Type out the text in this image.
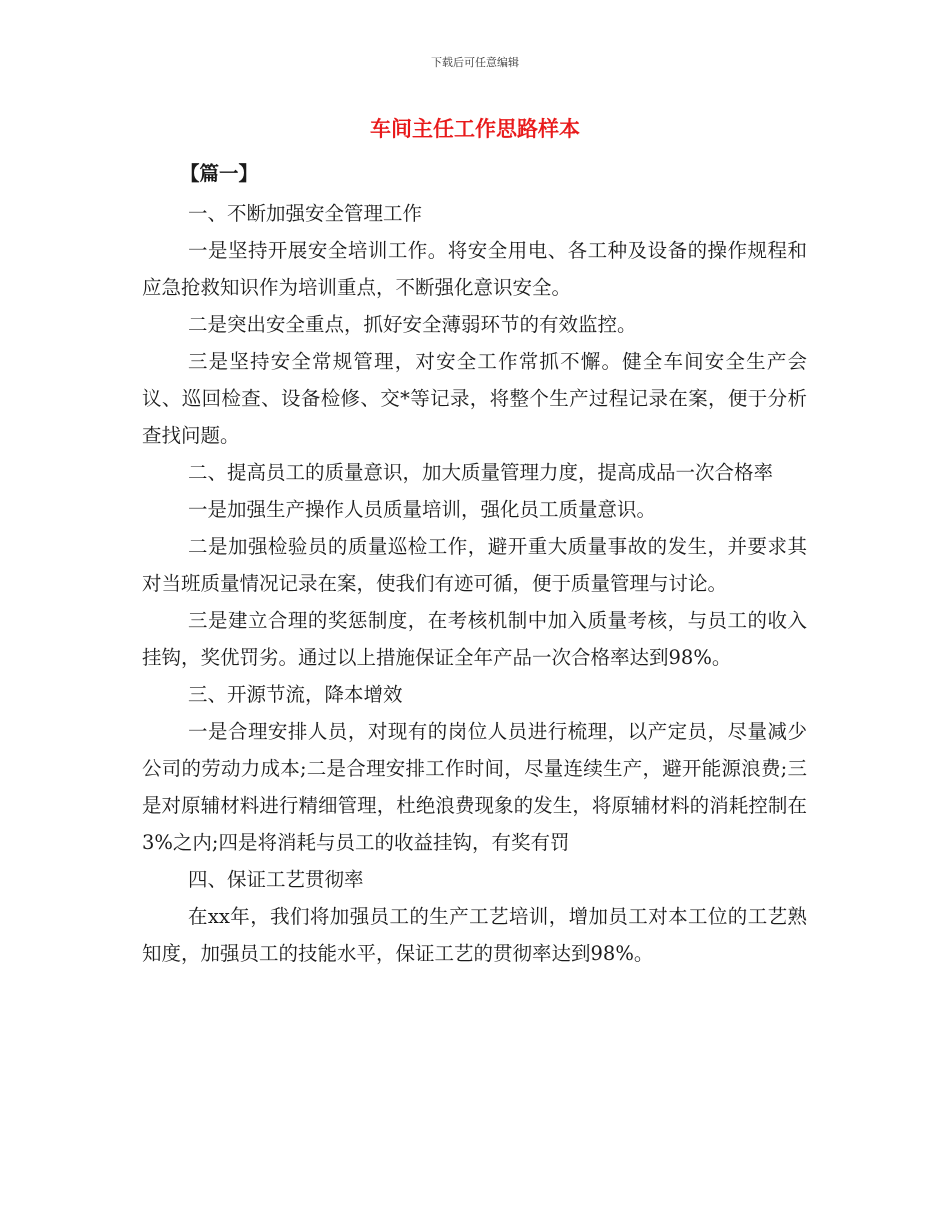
下载后可任意编辑
车间主任工作思路样本
【篇一】

一、不断加强安全管理工作

一是坚持开展安全培训工作。将安全用电、各工种及设备的操作规程和应急抢救知识作为培训重点，不断强化意识安全。

二是突出安全重点，抓好安全薄弱环节的有效监控。

三是坚持安全常规管理，对安全工作常抓不懈。健全车间安全生产会议、巡回检查、设备检修、交*等记录，将整个生产过程记录在案，便于分析查找问题。

二、提高员工的质量意识，加大质量管理力度，提高成品一次合格率

一是加强生产操作人员质量培训，强化员工质量意识。

二是加强检验员的质量巡检工作，避开重大质量事故的发生，并要求其对当班质量情况记录在案，使我们有迹可循，便于质量管理与讨论。

三是建立合理的奖惩制度，在考核机制中加入质量考核，与员工的收入挂钩，奖优罚劣。通过以上措施保证全年产品一次合格率达到98%。

三、开源节流，降本增效

一是合理安排人员，对现有的岗位人员进行梳理，以产定员，尽量减少公司的劳动力成本;二是合理安排工作时间，尽量连续生产，避开能源浪费;三是对原辅材料进行精细管理，杜绝浪费现象的发生，将原辅材料的消耗控制在3%之内;四是将消耗与员工的收益挂钩，有奖有罚

四、保证工艺贯彻率

在xx年，我们将加强员工的生产工艺培训，增加员工对本工位的工艺熟知度，加强员工的技能水平，保证工艺的贯彻率达到98%。
